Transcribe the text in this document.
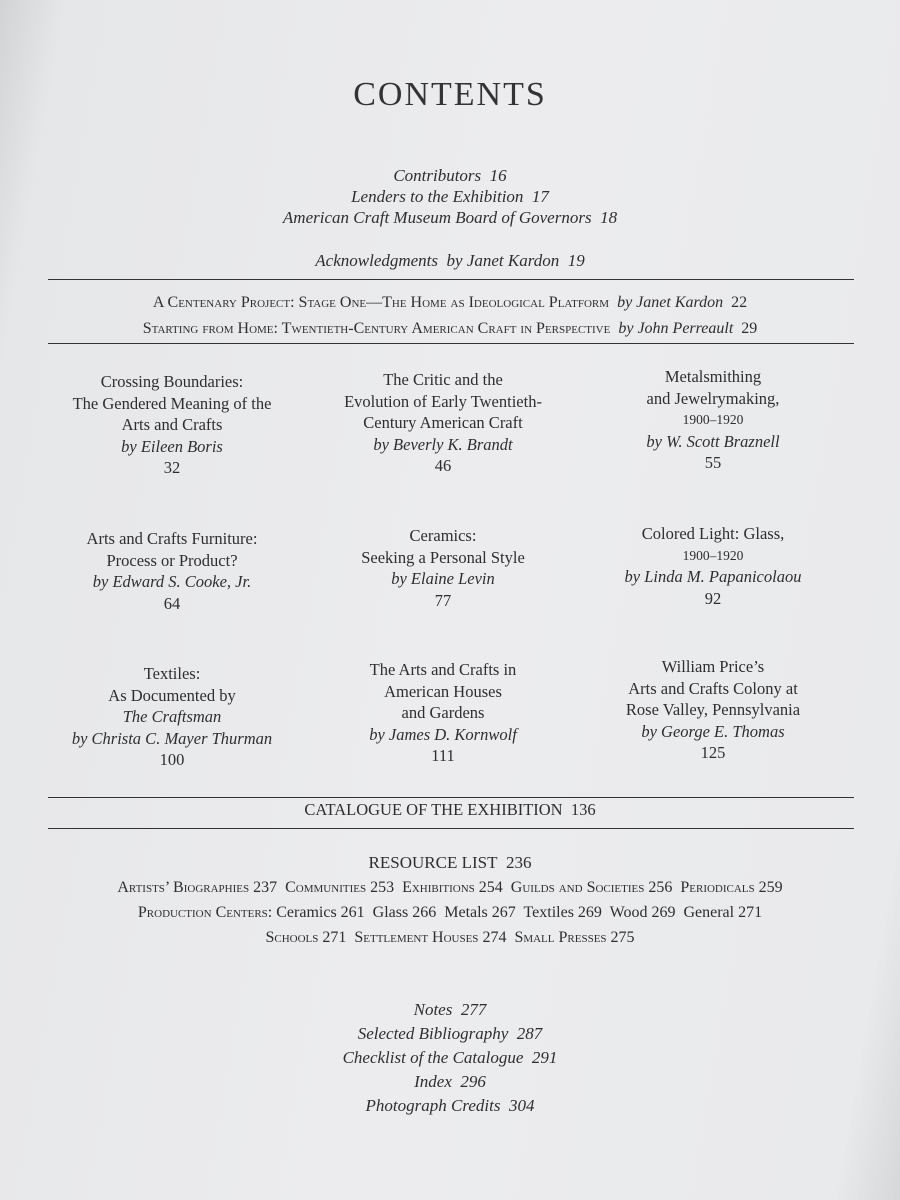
CONTENTS
Contributors 16
Lenders to the Exhibition 17
American Craft Museum Board of Governors 18
Acknowledgments by Janet Kardon 19
A Centenary Project: Stage One—The Home as Ideological Platform by Janet Kardon 22
Starting from Home: Twentieth-Century American Craft in Perspective by John Perreault 29
Crossing Boundaries:
The Gendered Meaning of the
Arts and Crafts
by Eileen Boris
32
The Critic and the
Evolution of Early Twentieth-
Century American Craft
by Beverly K. Brandt
46
Metalsmithing
and Jewelrymaking,
1900–1920
by W. Scott Braznell
55
Arts and Crafts Furniture:
Process or Product?
by Edward S. Cooke, Jr.
64
Ceramics:
Seeking a Personal Style
by Elaine Levin
77
Colored Light: Glass,
1900–1920
by Linda M. Papanicolaou
92
Textiles:
As Documented by
The Craftsman
by Christa C. Mayer Thurman
100
The Arts and Crafts in
American Houses
and Gardens
by James D. Kornwolf
111
William Price’s
Arts and Crafts Colony at
Rose Valley, Pennsylvania
by George E. Thomas
125
CATALOGUE OF THE EXHIBITION 136
RESOURCE LIST 236
Artists’ Biographies 237 Communities 253 Exhibitions 254 Guilds and Societies 256 Periodicals 259
Production Centers: Ceramics 261 Glass 266 Metals 267 Textiles 269 Wood 269 General 271
Schools 271 Settlement Houses 274 Small Presses 275
Notes 277
Selected Bibliography 287
Checklist of the Catalogue 291
Index 296
Photograph Credits 304
